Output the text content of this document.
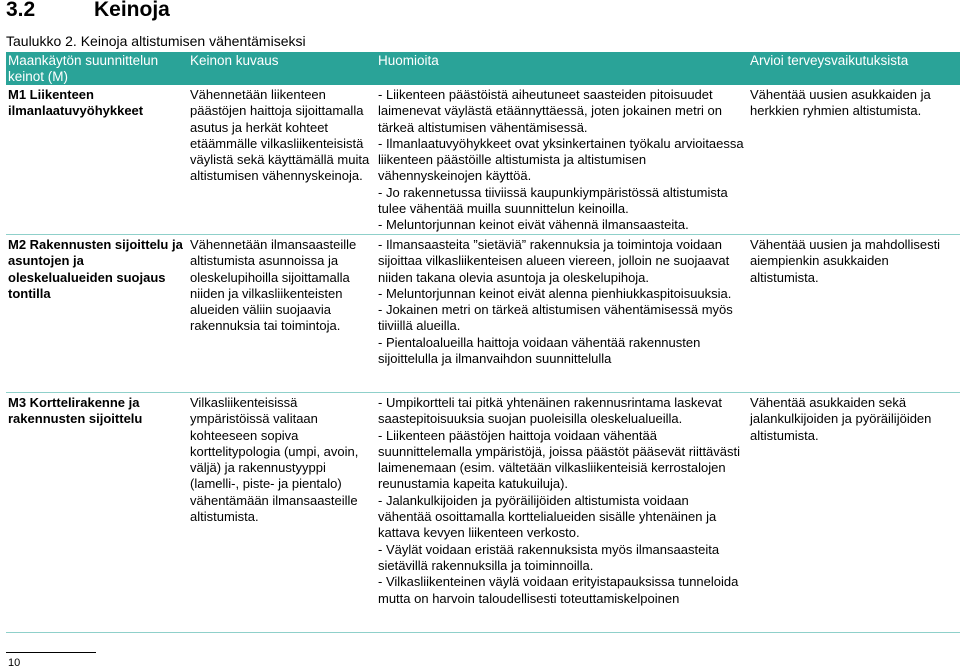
3.2	Keinoja
Taulukko 2. Keinoja altistumisen vähentämiseksi
Maankäytön suunnittelun keinot (M)	Keinon kuvaus	Huomioita	Arvioi terveysvaikutuksista
M1 Liikenteen ilmanlaatuvyöhykkeet	Vähennetään liikenteen päästöjen haittoja sijoittamalla asutus ja herkät kohteet etäämmälle vilkasliikenteisistä väylistä sekä käyttämällä muita altistumisen vähennyskeinoja.	- Liikenteen päästöistä aiheutuneet saasteiden pitoisuudet laimenevat väylästä etäännyttäessä, joten jokainen metri on tärkeä altistumisen vähentämisessä.
- Ilmanlaatuvyöhykkeet ovat yksinkertainen työkalu arvioitaessa liikenteen päästöille altistumista ja altistumisen vähennyskeinojen käyttöä.
- Jo rakennetussa tiiviissä kaupunkiympäristössä altistumista tulee vähentää muilla suunnittelun keinoilla.
- Meluntorjunnan keinot eivät vähennä ilmansaasteita.	Vähentää uusien asukkaiden ja herkkien ryhmien altistumista.
M2 Rakennusten sijoittelu ja asuntojen ja oleskelualueiden suojaus tontilla	Vähennetään ilmansaasteille altistumista asunnoissa ja oleskelupihoilla sijoittamalla niiden ja vilkasliikenteisten alueiden väliin suojaavia rakennuksia tai toimintoja.	- Ilmansaasteita ”sietäviä” rakennuksia ja toimintoja voidaan sijoittaa vilkasliikenteisen alueen viereen, jolloin ne suojaavat niiden takana olevia asuntoja ja oleskelupihoja.
- Meluntorjunnan keinot eivät alenna pienhiukkaspitoisuuksia.
- Jokainen metri on tärkeä altistumisen vähentämisessä myös tiiviillä alueilla.
- Pientaloalueilla haittoja voidaan vähentää rakennusten sijoittelulla ja ilmanvaihdon suunnittelulla	Vähentää uusien ja mahdollisesti aiempienkin asukkaiden altistumista.
M3 Korttelirakenne ja rakennusten sijoittelu	Vilkasliikenteisissä ympäristöissä valitaan kohteeseen sopiva korttelitypologia (umpi, avoin, väljä) ja rakennustyyppi (lamelli-, piste- ja pientalo) vähentämään ilmansaasteille altistumista.	- Umpikortteli tai pitkä yhtenäinen rakennusrintama laskevat saastepitoisuuksia suojan puoleisilla oleskelualueilla.
- Liikenteen päästöjen haittoja voidaan vähentää suunnittelemalla ympäristöjä, joissa päästöt pääsevät riittävästi laimenemaan (esim. vältetään vilkasliikenteisiä kerrostalojen reunustamia kapeita katukuiluja).
- Jalankulkijoiden ja pyöräilijöiden altistumista voidaan vähentää osoittamalla korttelialueiden sisälle yhtenäinen ja kattava kevyen liikenteen verkosto.
- Väylät voidaan eristää rakennuksista myös ilmansaasteita sietävillä rakennuksilla ja toiminnoilla.
- Vilkasliikenteinen väylä voidaan erityistapauksissa tunneloida mutta on harvoin taloudellisesti toteuttamiskelpoinen	Vähentää asukkaiden sekä jalankulkijoiden ja pyöräilijöiden altistumista.
10
